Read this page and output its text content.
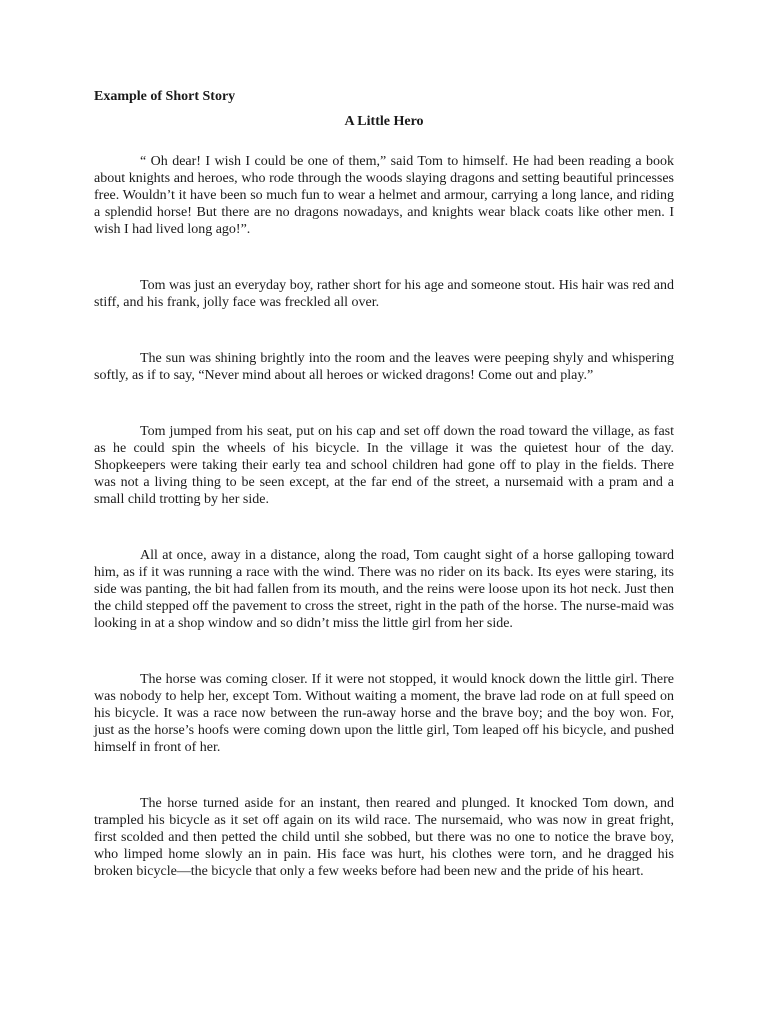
Example of Short Story

A Little Hero

“ Oh dear! I wish I could be one of them,” said Tom to himself. He had been reading a book about knights and heroes, who rode through the woods slaying dragons and setting beautiful princesses free. Wouldn’t it have been so much fun to wear a helmet and armour, carrying a long lance, and riding a splendid horse! But there are no dragons nowadays, and knights wear black coats like other men. I wish I had lived long ago!”.

Tom was just an everyday boy, rather short for his age and someone stout. His hair was red and stiff, and his frank, jolly face was freckled all over.

The sun was shining brightly into the room and the leaves were peeping shyly and whispering softly, as if to say, “Never mind about all heroes or wicked dragons! Come out and play.”

Tom jumped from his seat, put on his cap and set off down the road toward the village, as fast as he could spin the wheels of his bicycle. In the village it was the quietest hour of the day. Shopkeepers were taking their early tea and school children had gone off to play in the fields. There was not a living thing to be seen except, at the far end of the street, a nursemaid with a pram and a small child trotting by her side.

All at once, away in a distance, along the road, Tom caught sight of a horse galloping toward him, as if it was running a race with the wind. There was no rider on its back. Its eyes were staring, its side was panting, the bit had fallen from its mouth, and the reins were loose upon its hot neck. Just then the child stepped off the pavement to cross the street, right in the path of the horse. The nurse-maid was looking in at a shop window and so didn’t miss the little girl from her side.

The horse was coming closer. If it were not stopped, it would knock down the little girl. There was nobody to help her, except Tom. Without waiting a moment, the brave lad rode on at full speed on his bicycle. It was a race now between the run-away horse and the brave boy; and the boy won. For, just as the horse’s hoofs were coming down upon the little girl, Tom leaped off his bicycle, and pushed himself in front of her.

The horse turned aside for an instant, then reared and plunged. It knocked Tom down, and trampled his bicycle as it set off again on its wild race. The nursemaid, who was now in great fright, first scolded and then petted the child until she sobbed, but there was no one to notice the brave boy, who limped home slowly an in pain. His face was hurt, his clothes were torn, and he dragged his broken bicycle—the bicycle that only a few weeks before had been new and the pride of his heart.
